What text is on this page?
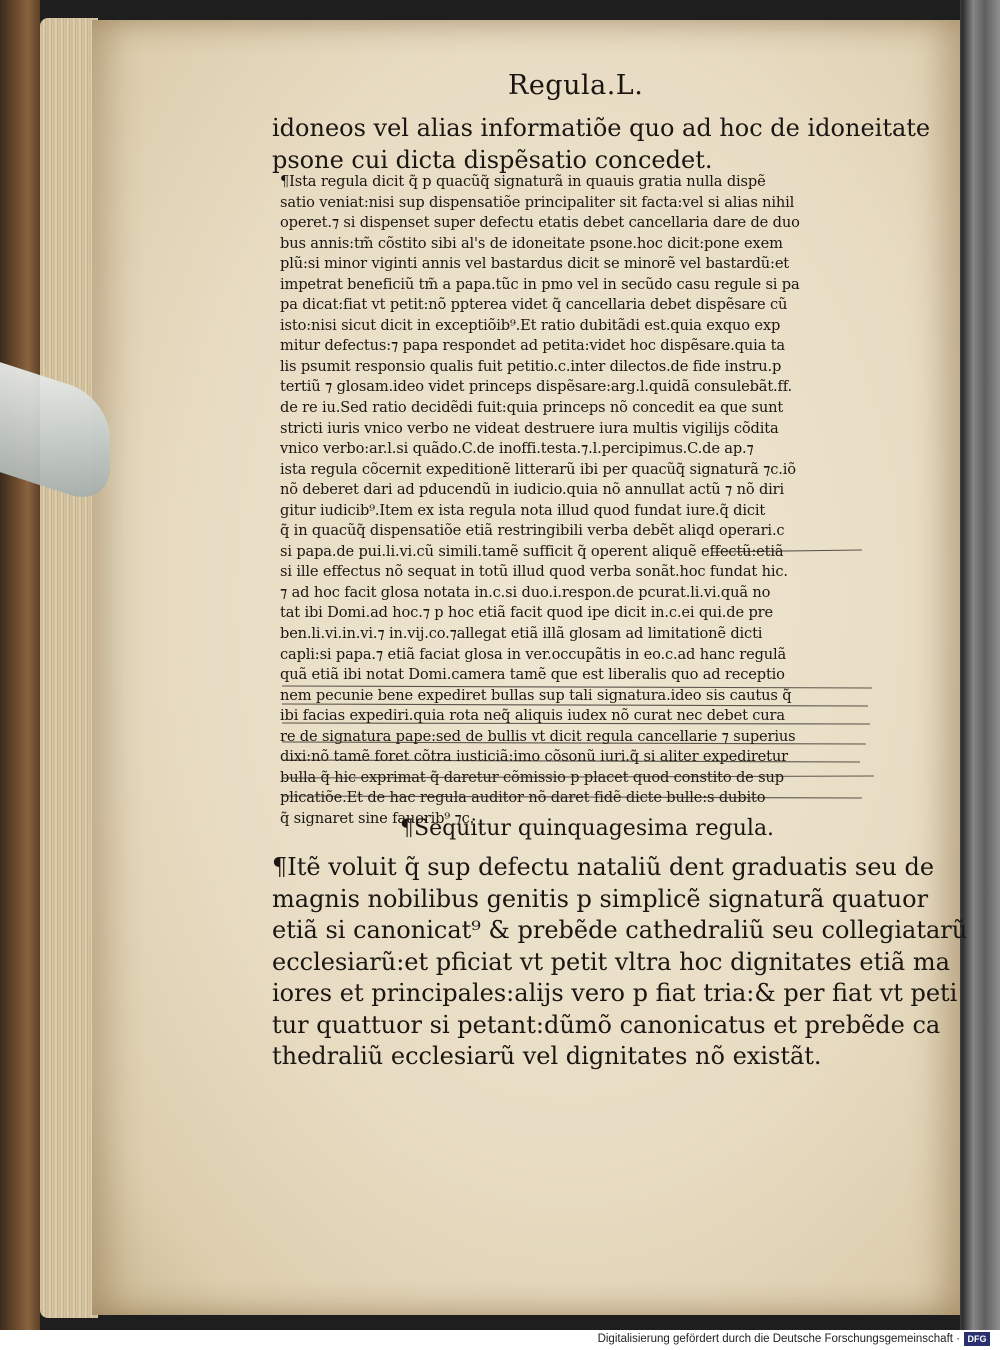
Regula.L.
idoneos vel alias informatiõe quo ad hoc de idoneitate
psone cui dicta dispẽsatio concedet.
¶Ista regula dicit q̃ p quacũq̃ signaturã in quauis gratia nulla dispẽ
satio veniat:nisi sup dispensatiõe principaliter sit facta:vel si alias nihil
operet.⁊ si dispenset super defectu etatis debet cancellaria dare de duo
bus annis:tm̃ cõstito sibi al's de idoneitate psone.hoc dicit:pone exem
plũ:si minor viginti annis vel bastardus dicit se minorẽ vel bastardũ:et
impetrat beneficiũ tm̃ a papa.tũc in pmo vel in secũdo casu regule si pa
pa dicat:fiat vt petit:nõ ppterea videt q̃ cancellaria debet dispẽsare cũ
isto:nisi sicut dicit in exceptiõib⁹.Et ratio dubitãdi est.quia exquo exp
mitur defectus:⁊ papa respondet ad petita:videt hoc dispẽsare.quia ta
lis psumit responsio qualis fuit petitio.c.inter dilectos.de fide instru.p
tertiũ ⁊ glosam.ideo videt princeps dispẽsare:arg.l.quidã consulebãt.ff.
de re iu.Sed ratio decidẽdi fuit:quia princeps nõ concedit ea que sunt
stricti iuris vnico verbo ne videat destruere iura multis vigilijs cõdita
vnico verbo:ar.l.si quãdo.C.de inoffi.testa.⁊.l.percipimus.C.de ap.⁊
ista regula cõcernit expeditionẽ litterarũ ibi per quacũq̃ signaturã ⁊c.iõ
nõ deberet dari ad pducendũ in iudicio.quia nõ annullat actũ ⁊ nõ diri
gitur iudicib⁹.Item ex ista regula nota illud quod fundat iure.q̃ dicit
q̃ in quacũq̃ dispensatiõe etiã restringibili verba debẽt aliqd operari.c
si papa.de pui.li.vi.cũ simili.tamẽ sufficit q̃ operent aliquẽ effectũ:etiã
si ille effectus nõ sequat in totũ illud quod verba sonãt.hoc fundat hic.
⁊ ad hoc facit glosa notata in.c.si duo.i.respon.de pcurat.li.vi.quã no
tat ibi Domi.ad hoc.⁊ p hoc etiã facit quod ipe dicit in.c.ei qui.de pre
ben.li.vi.in.vi.⁊ in.vij.co.⁊allegat etiã illã glosam ad limitationẽ dicti
capli:si papa.⁊ etiã faciat glosa in ver.occupãtis in eo.c.ad hanc regulã
quã etiã ibi notat Domi.camera tamẽ que est liberalis quo ad receptio
nem pecunie bene expediret bullas sup tali signatura.ideo sis cautus q̃
ibi facias expediri.quia rota neq̃ aliquis iudex nõ curat nec debet cura
re de signatura pape:sed de bullis vt dicit regula cancellarie ⁊ superius
dixi:nõ tamẽ foret cõtra iusticiã:imo cõsonũ iuri.q̃ si aliter expediretur
bulla q̃ hic exprimat q̃ daretur cõmissio p placet quod constito de sup
plicatiõe.Et de hac regula auditor nõ daret fidẽ dicte bulle:s dubito
q̃ signaret sine fauorib⁹ ⁊c.
¶Sequitur quinquagesima regula.
¶Itẽ voluit q̃ sup defectu nataliũ dent graduatis seu de
magnis nobilibus genitis p simplicẽ signaturã quatuor
etiã si canonicat⁹ & prebẽde cathedraliũ seu collegiatarũ
ecclesiarũ:et pficiat vt petit vltra hoc dignitates etiã ma
iores et principales:alijs vero p fiat tria:& per fiat vt peti
tur quattuor si petant:dũmõ canonicatus et prebẽde ca
thedraliũ ecclesiarũ vel dignitates nõ existãt.
Digitalisierung gefördert durch die Deutsche Forschungsgemeinschaft · DFG
